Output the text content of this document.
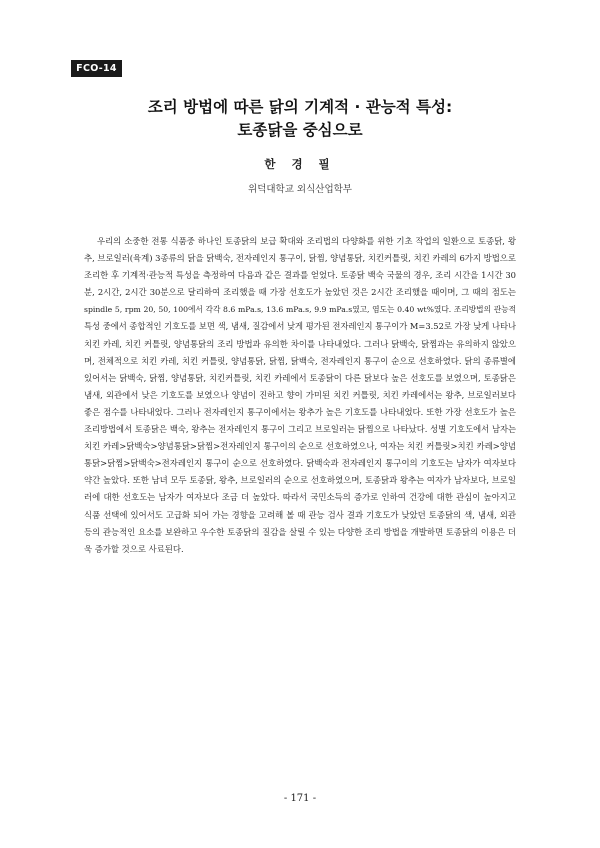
FCO-14
조리 방법에 따른 닭의 기계적 · 관능적 특성:
토종닭을 중심으로
한 경 필
위덕대학교 외식산업학부
우리의 소중한 전통 식품중 하나인 토종닭의 보급 확대와 조리법의 다양화를 위한 기초 작업의 일환으로 토종닭, 왕
추, 브로일러(육계) 3종류의 닭을 닭백숙, 전자레인지 통구이, 닭찜, 양념통닭, 치킨커틀릿, 치킨 카레의 6가지 방법으로
조리한 후 기계적·관능적 특성을 측정하여 다음과 같은 결과를 얻었다. 토종닭 백숙 국물의 경우, 조리 시간을 1시간 30
분, 2시간, 2시간 30분으로 달리하여 조리했을 때 가장 선호도가 높았던 것은 2시간 조리했을 때이며, 그 때의 점도는
spindle 5, rpm 20, 50, 100에서 각각 8.6 mPa.s, 13.6 mPa.s, 9.9 mPa.s였고, 염도는 0.40 wt%였다. 조리방법의 관능적
특성 중에서 종합적인 기호도를 보면 색, 냄새, 질감에서 낮게 평가된 전자레인지 통구이가 M=3.52로 가장 낮게 나타나
치킨 카레, 치킨 커틀릿, 양념통닭의 조리 방법과 유의한 차이를 나타내었다. 그러나 닭백숙, 닭찜과는 유의하지 않았으
며, 전체적으로 치킨 카레, 치킨 커틀릿, 양념통닭, 닭찜, 닭백숙, 전자레인지 통구이 순으로 선호하였다. 닭의 종류별에
있어서는 닭백숙, 닭찜, 양념통닭, 치킨커틀릿, 치킨 카레에서 토종닭이 다른 닭보다 높은 선호도를 보였으며, 토종닭은
냄새, 외관에서 낮은 기호도를 보였으나 양념이 진하고 향이 가미된 치킨 커틀릿, 치킨 카레에서는 왕추, 브로일러보다
좋은 점수를 나타내었다. 그러나 전자레인지 통구이에서는 왕추가 높은 기호도를 나타내었다. 또한 가장 선호도가 높은
조리방법에서 토종닭은 백숙, 왕추는 전자레인지 통구이 그리고 브로일러는 닭찜으로 나타났다. 성별 기호도에서 남자는
치킨 카레>닭백숙>양념통닭>닭찜>전자레인지 통구이의 순으로 선호하였으나, 여자는 치킨 커틀릿>치킨 카레>양념
통닭>닭찜>닭백숙>전자레인지 통구이 순으로 선호하였다. 닭백숙과 전자레인지 통구이의 기호도는 남자가 여자보다
약간 높았다. 또한 남녀 모두 토종닭, 왕추, 브로일러의 순으로 선호하였으며, 토종닭과 왕추는 여자가 남자보다, 브로일
러에 대한 선호도는 남자가 여자보다 조금 더 높았다. 따라서 국민소득의 증가로 인하여 건강에 대한 관심이 높아지고
식품 선택에 있어서도 고급화 되어 가는 경향을 고려해 볼 때 관능 검사 결과 기호도가 낮았던 토종닭의 색, 냄새, 외관
등의 관능적인 요소를 보완하고 우수한 토종닭의 질감을 살릴 수 있는 다양한 조리 방법을 개발하면 토종닭의 이용은 더
욱 증가할 것으로 사료된다.
- 171 -
